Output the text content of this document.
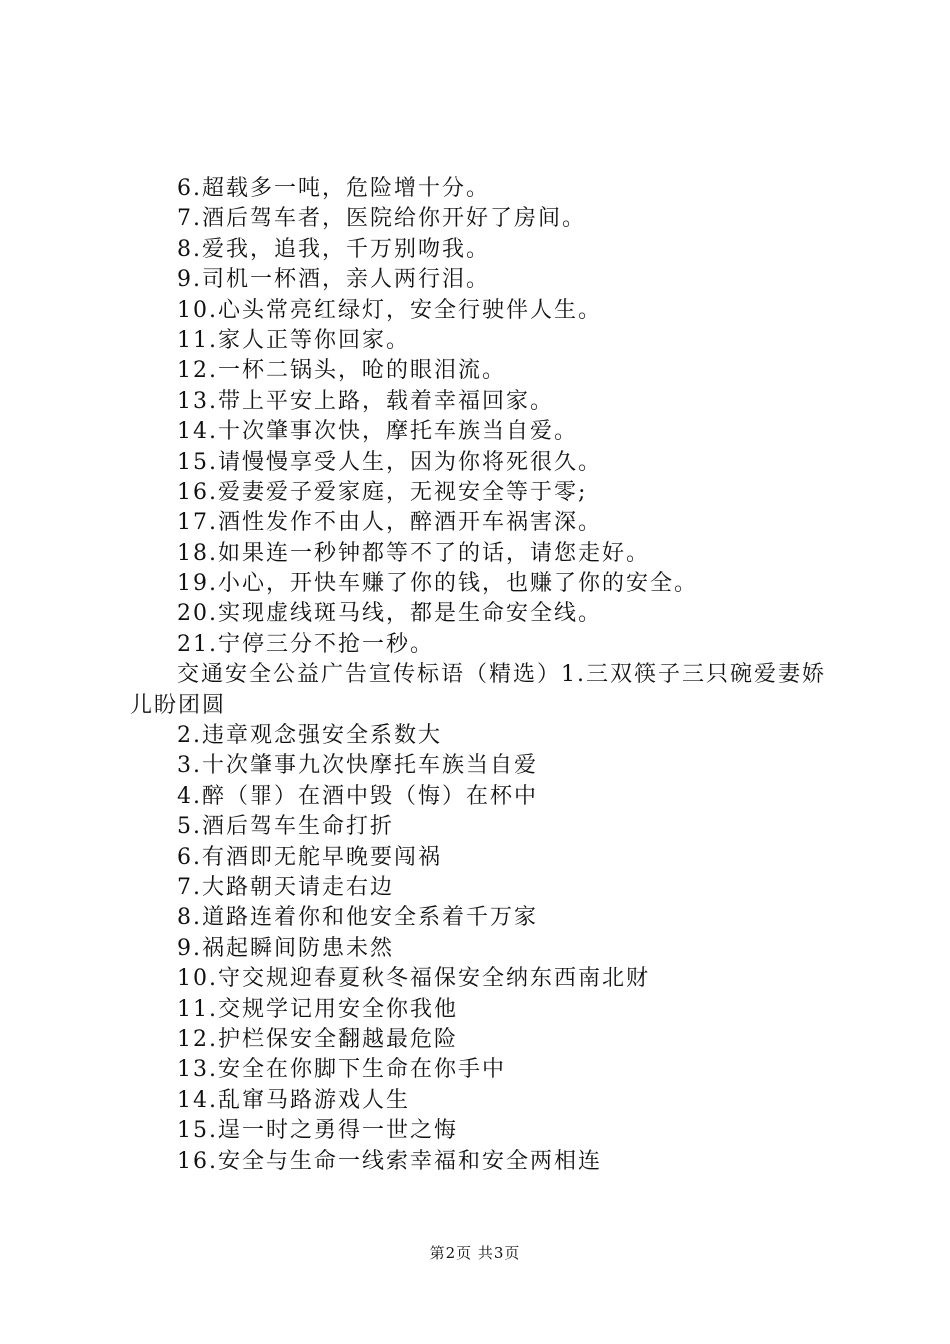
6.超载多一吨，危险增十分。
7.酒后驾车者，医院给你开好了房间。
8.爱我，追我，千万别吻我。
9.司机一杯酒，亲人两行泪。
10.心头常亮红绿灯，安全行驶伴人生。
11.家人正等你回家。
12.一杯二锅头，呛的眼泪流。
13.带上平安上路，载着幸福回家。
14.十次肇事次快，摩托车族当自爱。
15.请慢慢享受人生，因为你将死很久。
16.爱妻爱子爱家庭，无视安全等于零;
17.酒性发作不由人，醉酒开车祸害深。
18.如果连一秒钟都等不了的话，请您走好。
19.小心，开快车赚了你的钱，也赚了你的安全。
20.实现虚线斑马线，都是生命安全线。
21.宁停三分不抢一秒。

交通安全公益广告宣传标语（精选）1.三双筷子三只碗爱妻娇儿盼团圆

2.违章观念强安全系数大
3.十次肇事九次快摩托车族当自爱
4.醉（罪）在酒中毁（悔）在杯中
5.酒后驾车生命打折
6.有酒即无舵早晚要闯祸
7.大路朝天请走右边
8.道路连着你和他安全系着千万家
9.祸起瞬间防患未然
10.守交规迎春夏秋冬福保安全纳东西南北财
11.交规学记用安全你我他
12.护栏保安全翻越最危险
13.安全在你脚下生命在你手中
14.乱窜马路游戏人生
15.逞一时之勇得一世之悔
16.安全与生命一线索幸福和安全两相连
第2页 共3页
